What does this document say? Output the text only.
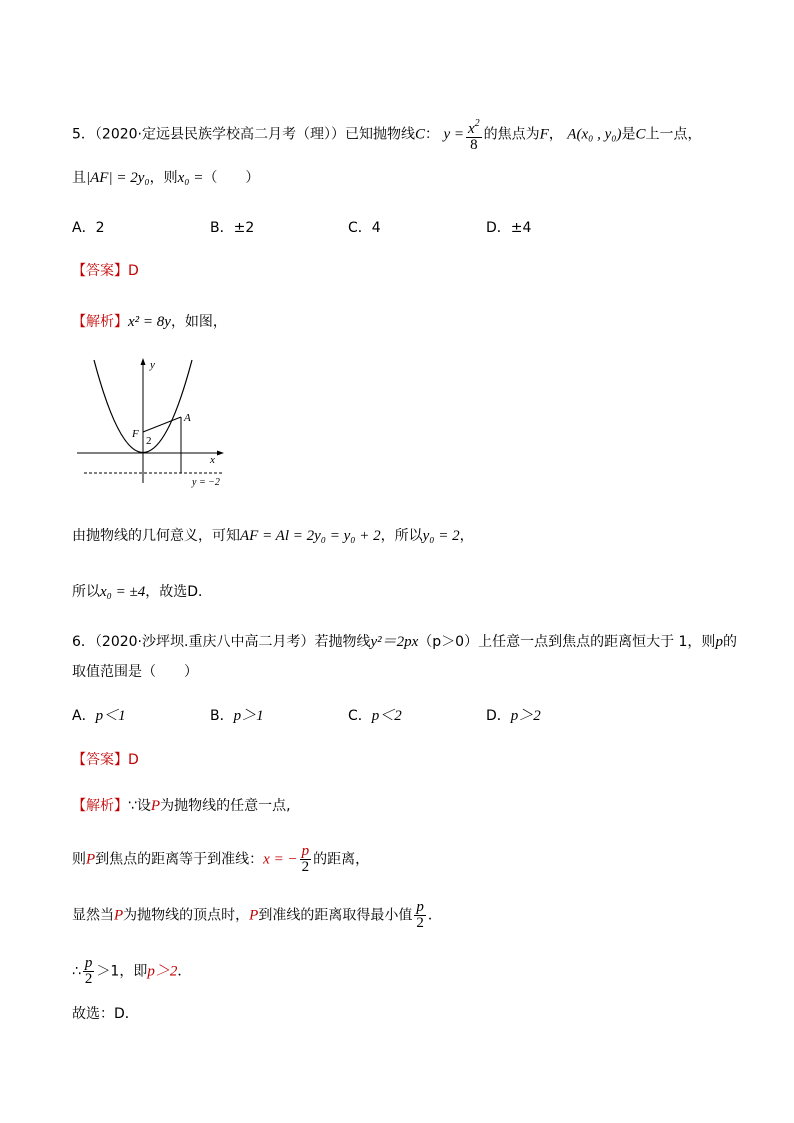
5．（2020·定远县民族学校高二月考（理））已知抛物线C： $y = \frac{x^2}{8}$ 的焦点为F， A(x₀ , y₀)是C上一点，
且|AF| = 2y₀，则x₀ =（　　）
A．2	B．±2	C．4	D．±4
【答案】D
【解析】x² = 8y，如图，
y
x
F
2
A
y = −2
由抛物线的几何意义，可知AF = Al = 2y₀ = y₀ + 2，所以y₀ = 2，
所以x₀ = ±4，故选D．
6．（2020·沙坪坝.重庆八中高二月考）若抛物线y²＝2px（p＞0）上任意一点到焦点的距离恒大于 1，则p的
取值范围是（　　）
A．p＜1	B．p＞1	C．p＜2	D．p＞2
【答案】D
【解析】∵设P为抛物线的任意一点,
则P到焦点的距离等于到准线：x = − $\frac{p}{2}$ 的距离，
显然当P为抛物线的顶点时，P到准线的距离取得最小值 $\frac{p}{2}$ ．
∴ $\frac{p}{2} >1$，即p＞2．
故选：D．
